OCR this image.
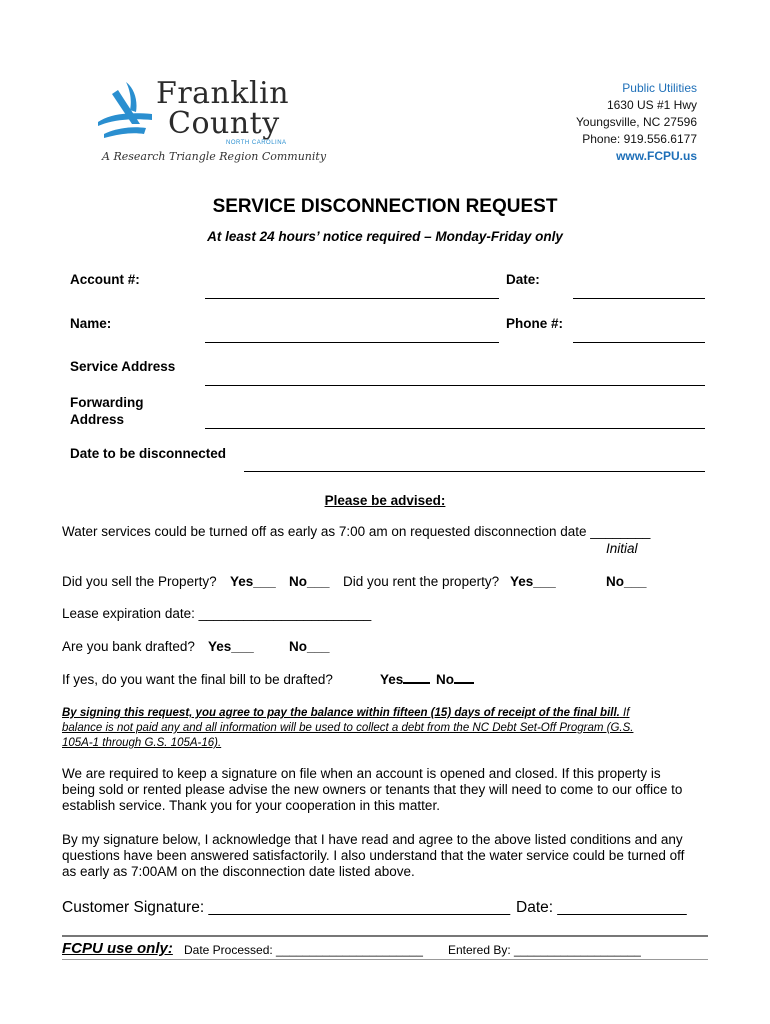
Franklin
County
NORTH CAROLINA
A Research Triangle Region Community
Public Utilities
1630 US #1 Hwy
Youngsville, NC 27596
Phone: 919.556.6177
www.FCPU.us
SERVICE DISCONNECTION REQUEST
At least 24 hours’ notice required – Monday-Friday only
Account #:	Date:
Name:	Phone #:
Service Address
Forwarding
Address
Date to be disconnected
Please be advised:
Water services could be turned off as early as 7:00 am on requested disconnection date ________
Initial
Did you sell the Property? Yes___ No___ Did you rent the property? Yes___	No___
Lease expiration date: _______________________
Are you bank drafted? Yes___	No___
If yes, do you want the final bill to be drafted?	Yes	No
By signing this request, you agree to pay the balance within fifteen (15) days of receipt of the final bill. If
balance is not paid any and all information will be used to collect a debt from the NC Debt Set-Off Program (G.S.
105A-1 through G.S. 105A-16).
We are required to keep a signature on file when an account is opened and closed. If this property is
being sold or rented please advise the new owners or tenants that they will need to come to our office to
establish service. Thank you for your cooperation in this matter.
By my signature below, I acknowledge that I have read and agree to the above listed conditions and any
questions have been answered satisfactorily. I also understand that the water service could be turned off
as early as 7:00AM on the disconnection date listed above.
Customer Signature: ___________________________________ Date: _______________
FCPU use only: Date Processed: ______________________ Entered By: ___________________
